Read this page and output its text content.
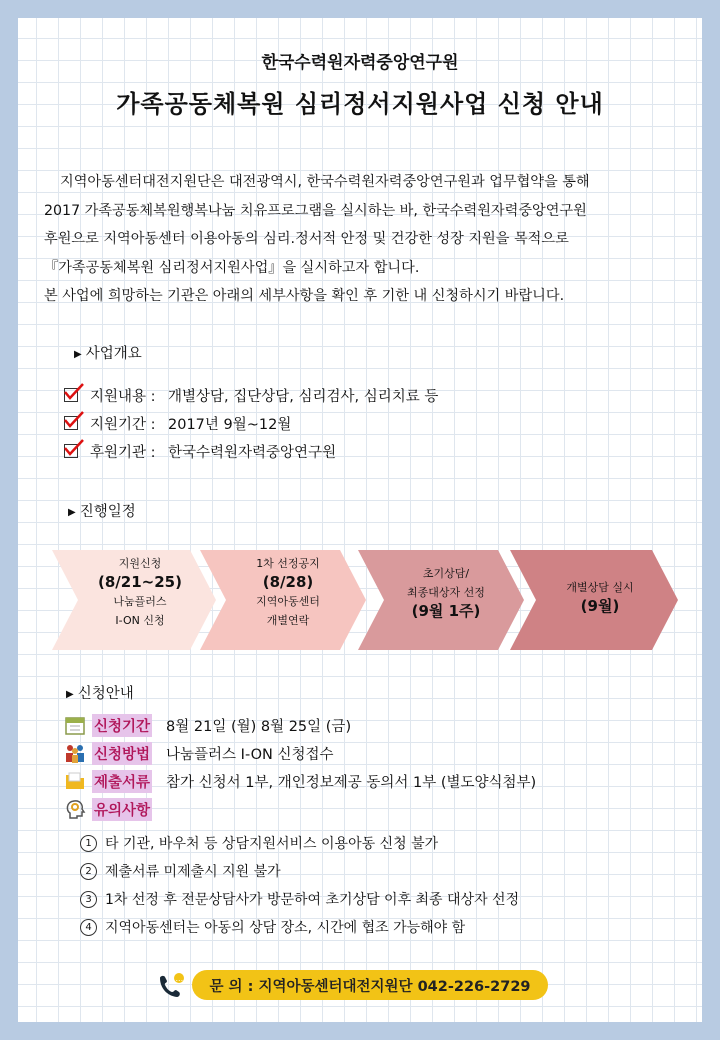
한국수력원자력중앙연구원
가족공동체복원 심리정서지원사업 신청 안내

지역아동센터대전지원단은 대전광역시, 한국수력원자력중앙연구원과 업무협약을 통해

2017 가족공동체복원행복나눔 치유프로그램을 실시하는 바, 한국수력원자력중앙연구원

후원으로 지역아동센터 이용아동의 심리.정서적 안정 및 건강한 성장 지원을 목적으로

『가족공동체복원 심리정서지원사업』을 실시하고자 합니다.

본 사업에 희망하는 기관은 아래의 세부사항을 확인 후 기한 내 신청하시기 바랍니다.

▶ 사업개요
지원내용 : 개별상담, 집단상담, 심리검사, 심리치료 등
지원기간 : 2017년 9월~12월
후원기관 : 한국수력원자력중앙연구원
▶ 진행일정
지원신청
(8/21~25)
나눔플러스
I-ON 신청
1차 선정공지
(8/28)
지역아동센터
개별연락
초기상담/
최종대상자 선정
(9월 1주)
개별상담 실시
(9월)
▶ 신청안내
신청기간 8월 21일 (월) 8월 25일 (금)
신청방법 나눔플러스 I-ON 신청접수
제출서류 참가 신청서 1부, 개인정보제공 동의서 1부 (별도양식첨부)
유의사항
1 타 기관, 바우처 등 상담지원서비스 이용아동 신청 불가
2 제출서류 미제출시 지원 불가
3 1차 선정 후 전문상담사가 방문하여 초기상담 이후 최종 대상자 선정
4 지역아동센터는 아동의 상담 장소, 시간에 협조 가능해야 함
... 문 의 : 지역아동센터대전지원단 042-226-2729
